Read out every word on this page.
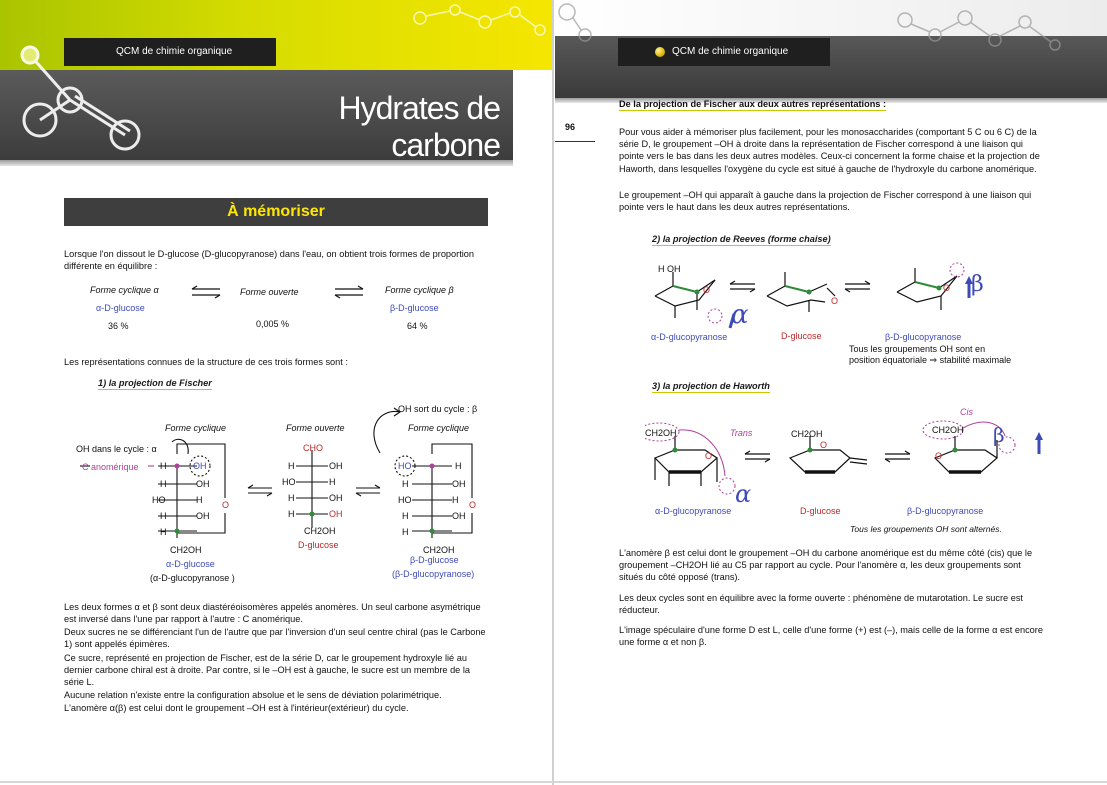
QCM de chimie organique
Hydrates de carbone
À mémoriser
Lorsque l'on dissout le D-glucose (D-glucopyranose) dans l'eau, on obtient trois formes de proportion différente en équilibre :
Forme cyclique α
α-D-glucose
36 %
⇌ Forme ouverte
0,005 %
⇌ Forme cyclique β
β-D-glucose
64 %
Les représentations connues de la structure de ces trois formes sont :
1) la projection de Fischer
Forme cyclique
OH dans le cycle : α
C anomérique H	OH
H	OH
HO	H
H	OH
H
O
CH2OH
α-D-glucose
(α-D-glucopyranose )
Forme ouverte
CHO
H	OH
HO	H
H	OH
H	OH
CH2OH
D-glucose
OH sort du cycle : β
Forme cyclique
HO	H
H	OH
HO	H
H	OH
H
O
CH2OH
β-D-glucose
(β-D-glucopyranose)
Les deux formes α et β sont deux diastéréoisomères appelés anomères. Un seul carbone asymétrique est inversé dans l'une par rapport à l'autre : C anomérique.
Deux sucres ne se différenciant l'un de l'autre que par l'inversion d'un seul centre chiral (pas le Carbone 1) sont appelés épimères.
Ce sucre, représenté en projection de Fischer, est de la série D, car le groupement hydroxyle lié au dernier carbone chiral est à droite. Par contre, si le –OH est à gauche, le sucre est un membre de la série L.
Aucune relation n'existe entre la configuration absolue et le sens de déviation polarimétrique.
L'anomère α(β) est celui dont le groupement –OH est à l'intérieur(extérieur) du cycle.
QCM de chimie organique
96
De la projection de Fischer aux deux autres représentations :
Pour vous aider à mémoriser plus facilement, pour les monosaccharides (comportant 5 C ou 6 C) de la série D, le groupement –OH à droite dans la représentation de Fischer correspond à une liaison qui pointe vers le bas dans les deux autres modèles. Ceux-ci concernent la forme chaise et la projection de Haworth, dans lesquelles l'oxygène du cycle est situé à gauche de l'hydroxyle du carbone anomérique.
Le groupement –OH qui apparaît à gauche dans la projection de Fischer correspond à une liaison qui pointe vers le haut dans les deux autres représentations.
2) la projection de Reeves (forme chaise)
H OH
O
O
O
α
β
α-D-glucopyranose	D-glucose	β-D-glucopyranose
Tous les groupements OH sont en
position équatoriale ⇒ stabilité maximale
3) la projection de Haworth
Trans
Cis
CH2OH	CH2OH	CH2OH
O
O
O
α
β
α-D-glucopyranose	D-glucose	β-D-glucopyranose
Tous les groupements OH sont alternés.
L'anomère β est celui dont le groupement –OH du carbone anomérique est du même côté (cis) que le groupement –CH2OH lié au C5 par rapport au cycle. Pour l'anomère α, les deux groupements sont situés du côté opposé (trans).
Les deux cycles sont en équilibre avec la forme ouverte : phénomène de mutarotation. Le sucre est réducteur.
L'image spéculaire d'une forme D est L, celle d'une forme (+) est (–), mais celle de la forme α est encore une forme α et non β.
